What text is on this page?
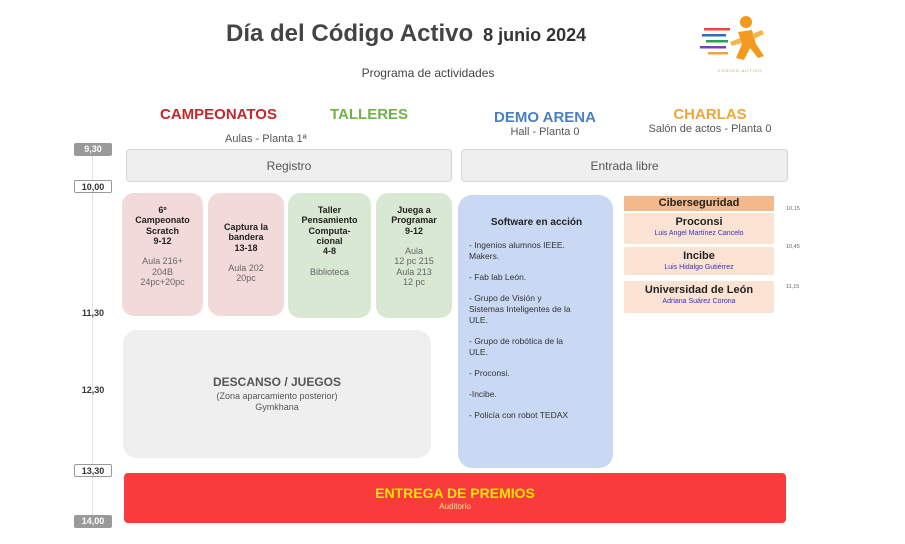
Día del Código Activo 8 junio 2024
Programa de actividades	CÓDIGO ACTIVO
CAMPEONATOS	TALLERES
Aulas - Planta 1ª
DEMO ARENA
Hall - Planta 0
CHARLAS
Salón de actos - Planta 0
9,30
10,00
11,30
12,30
13,30
14,00
Registro	Entrada libre
6º
Campeonato
Scratch
9-12
Aula 216+
204B
24pc+20pc
Captura la
bandera
13-18
Aula 202
20pc
Taller
Pensamiento
Computa-
cional
4-8
Biblioteca
Juega a
Programar
9-12
Aula
12 pc 215
Aula 213
12 pc
DESCANSO / JUEGOS
(Zona aparcamiento posterior)
Gymkhana
Software en acción
- Ingenios alumnos IEEE.
Makers.
- Fab lab León.
- Grupo de Visión y
Sistemas Inteligentes de la
ULE.
- Grupo de robótica de la
ULE.
- Proconsi.
-Incibe.
- Policía con robot TEDAX
Ciberseguridad
Proconsi
Luis Angel Martínez Cancelo
10,15
Incibe
Luis Hidalgo Gutiérrez
10,45
Universidad de León
Adriana Suárez Corona
11,15
ENTREGA DE PREMIOS
Auditorio
